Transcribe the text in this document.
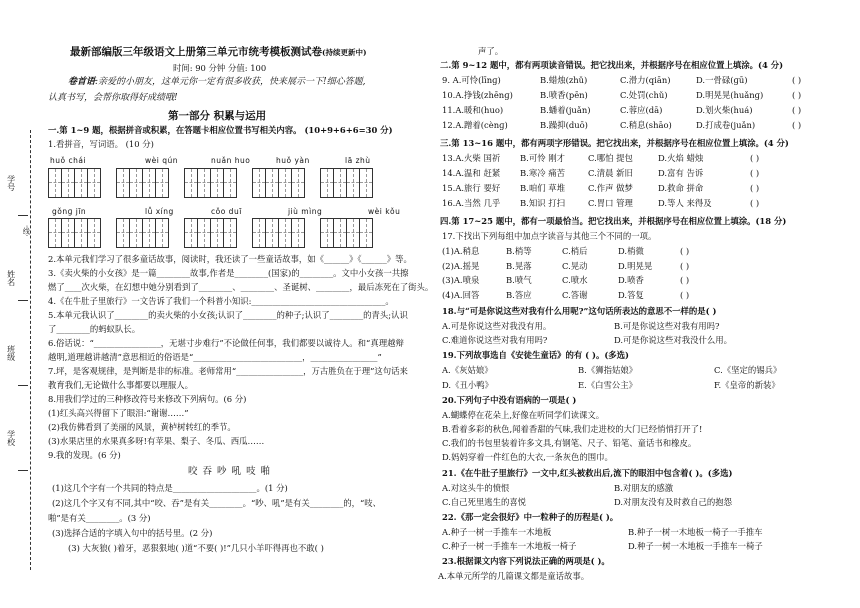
学号
姓名
班级
学校
·线·
最新部编版三年级语文上册第三单元市统考模板测试卷(持续更新中)
时间: 90 分钟 分值: 100
卷首语:亲爱的小朋友，这单元你一定有很多收获，快来展示一下!细心答题,
认真书写，会帮你取得好成绩哦!
第一部分 积累与运用
一.第 1~9 题，根据拼音或积累，在答题卡相应位置书写相关内容。 (10+9+6+6=30 分)
1.看拼音，写词语。 (10 分)
huǒ chái	wèi qún	nuǎn huo	huǒ yàn	lā zhù
gǒnɡ jīn	lǚ xíng	cǒo duī	jiù mìng	wèi kǒu
2.本单元我们学习了很多童话故事，阅读时，我还读了一些童话故事，如《______》《______》等。
3.《卖火柴的小女孩》是一篇________故事,作者是________(国家)的________。文中小女孩一共擦
燃了____次火柴，在幻想中她分别看到了________、________、圣诞树、________，最后冻死在了街头。
4.《在牛肚子里旅行》一文告诉了我们一个科普小知识:________________________________。
5.本单元我认识了________的卖火柴的小女孩;认识了________的种子;认识了________的青头;认识
了________的蚂蚁队长。
6.俗话说：“________________，无堪寸步难行”不论做任何事，我们都要以诚待人。和“真理越辩
越明,道理越讲越清”意思相近的俗语是“__________________________，________________”
7.坪，是客观规律，是判断是非的标准。老师常用“________________，万古胜负在于理”这句话来
教育我们,无论做什么事都要以理服人。
8.用我们学过的三种修改符号来修改下列病句。(6 分)
(1)红头高兴得留下了眼泪:“谢谢……”
(2)我仿佛看到了美丽的风景，黄栌树转红的季节。
(3)水果店里的水果真多呀!有苹果、梨子、冬瓜、西瓜……
9.我的发现。(6 分)
咬 吞 吵 吼 吱 啪
(1)这几个字有一个共同的特点是____________________。(1 分)
(2)这几个字又有不同,其中“咬、吞”是有关________。“吵、吼”是有关________的，“吱、
啪”是有关________。(3 分)
(3)选择合适的字填入句中的括号里。(2 分)
(3) 大灰狼( )着牙，恶狠狠地( )道“不要( )!”几只小羊吓得再也不敢( )
声了。
二.第 9~12 题中，都有两项读音错误。把它找出来，并根据序号在相应位置上填涂。(4 分)
9. A.可怜(līnɡ)	B.蜡烛(zhǔ)	C.滑力(qiān)	D.一骨碌(ɡū)	( )
10.A.挣钱(zhēnɡ)	B.喷香(pēn)	C.处罚(chǔ)	D.明晃晃(huǎnɡ)	( )
11.A.暖和(huo)	B.蟠着(juǎn)	C.蓉应(dā)	D.划火柴(huá)	( )
12.A.蹭着(cènɡ)	B.躁抑(duō)	C.稍息(shāo)	D.打成卷(juǎn)	( )
三.第 13~16 题中，都有两项字形错误。把它找出来，并根据序号在相应位置上填涂。(4 分)
13.A.火柴 国祈	B.可怜 刚才	C.哪怕 提包	D.火焰 蜡烛	( )
14.A.温和 赶紧	B.寒冷 痛苦	C.清晨 新旧	D.富有 告诉	( )
15.A.旅行 要好	B.咱们 草堆	C.作声 做梦	D.救命 拼命	( )
16.A.当然 几乎	B.知识 打扫	C.胃口 管理	D.等人 来得及	( )
四.第 17~25 题中，都有一项最恰当。把它找出来，并根据序号在相应位置上填涂。(18 分)
17.下找出下列每组中加点字读音与其他三个不同的一项。
(1)A.稍息	B.梢等	C.梢后	D.梢微	( )
(2)A.摇晃	B.晃落	C.晃动	D.明晃晃	( )
(3)A.喷泉	B.喷气	C.喷水	D.喷香	( )
(4)A.回答	B.答应	C.答谢	D.答复	( )
18.与“可是你说这些对我有什么用呢?”这句话所表达的意思不一样的是( )
A.可是你说这些对我没有用。	B.可是你说这些对我有用吗?
C.难道你说这些对我有用吗?	D.可是你说这些对我没什么用。
19.下列故事选自《安徒生童话》的有 ( )。(多选)
A.《灰姑娘》	B.《狮指姑娘》	C.《坚定的锡兵》
D.《丑小鸭》	E.《白雪公主》	F.《皇帝的新装》
20.下列句子中没有语病的一项是( )
A.蝴蝶停在花朵上,好像在听同学们读课文。
B.看着多彩的秋色,闻着香甜的气味,我们走进校的大门已经悄悄打开了!
C.我们的书包里装着许多文具,有钢笔、尺子、铅笔、童话书和橡皮。
D.妈妈穿着一件红色的大衣,一条灰色的围巾。
21.《在牛肚子里旅行》一文中,红头被救出后,流下的眼泪中包含着( )。(多选)
A.对这头牛的愤恨	B.对朋友的感激
C.自己死里逃生的喜悦	D.对朋友没有及时救自己的抱怨
22.《那一定会很好》中一粒种子的历程是( )。
A.种子一树一手推车一木地板	B.种子一树一木地板一椅子一手推车
C.种子一树一手推车一木地板一椅子	D.种子一树一木地板一手推车一椅子
23.根据课文内容下列说法正确的两项是( )。
A.本单元所学的几篇课文都是童话故事。
